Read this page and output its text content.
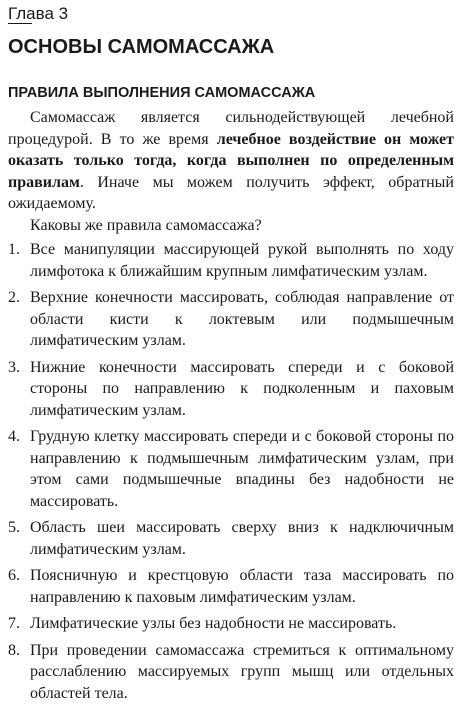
Глава 3
ОСНОВЫ САМОМАССАЖА
ПРАВИЛА ВЫПОЛНЕНИЯ САМОМАССАЖА

Самомассаж является сильнодействующей лечебной процедурой. В то же время лечебное воздействие он может оказать только тогда, когда выполнен по определенным правилам. Иначе мы можем получить эффект, обратный ожидаемому.

Каковы же правила самомассажа?

1. Все манипуляции массирующей рукой выполнять по ходу лимфотока к ближайшим крупным лимфатическим узлам.
2. Верхние конечности массировать, соблюдая направление от области кисти к локтевым или подмышечным лимфатическим узлам.
3. Нижние конечности массировать спереди и с боковой стороны по направлению к подколенным и паховым лимфатическим узлам.
4. Грудную клетку массировать спереди и с боковой стороны по направлению к подмышечным лимфатическим узлам, при этом сами подмышечные впадины без надобности не массировать.
5. Область шеи массировать сверху вниз к надключичным лимфатическим узлам.
6. Поясничную и крестцовую области таза массировать по направлению к паховым лимфатическим узлам.
7. Лимфатические узлы без надобности не массировать.
8. При проведении самомассажа стремиться к оптимальному расслаблению массируемых групп мышц или отдельных областей тела.
